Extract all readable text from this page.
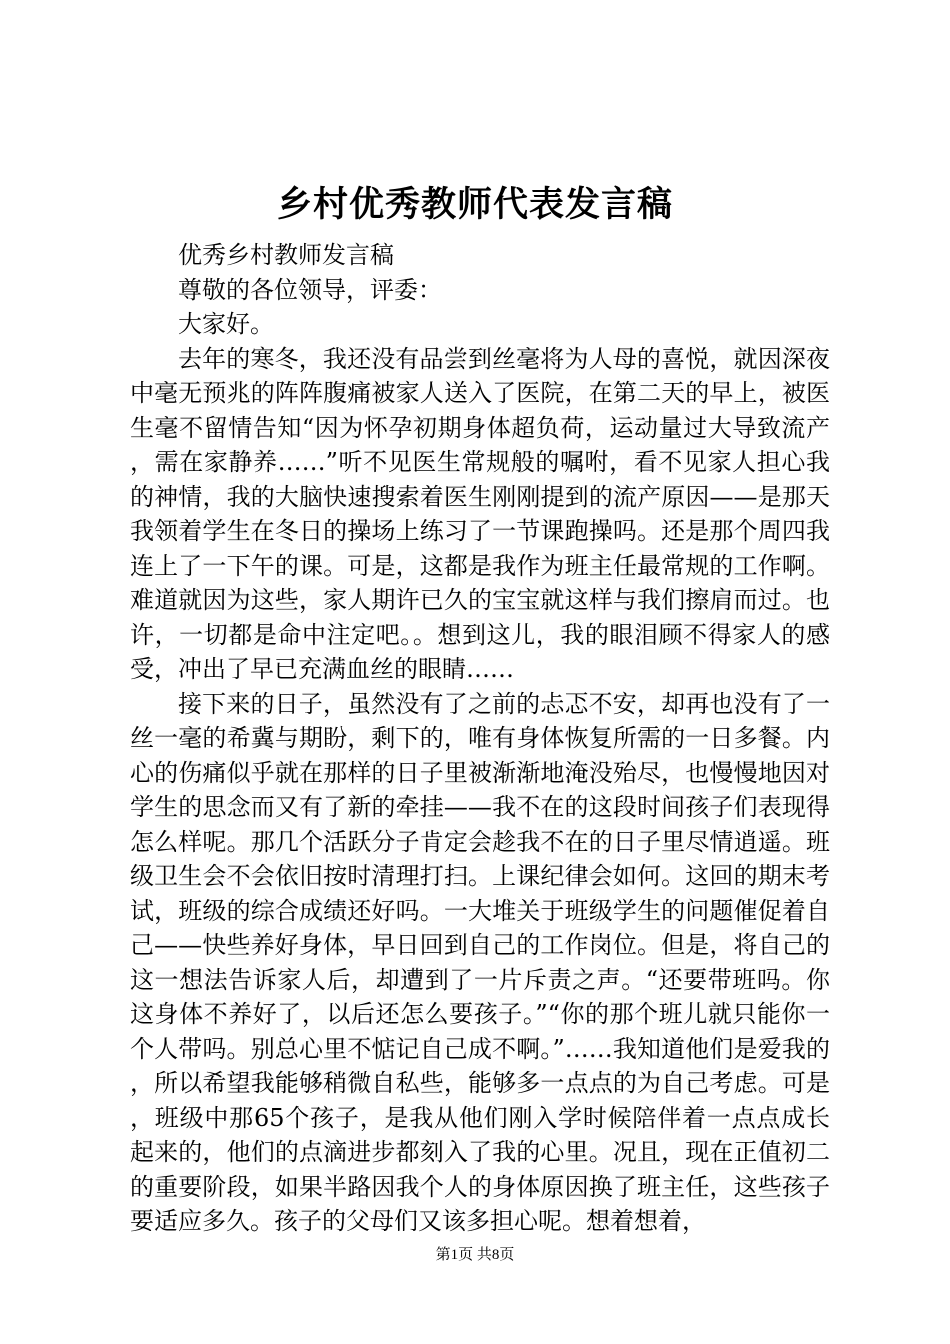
乡村优秀教师代表发言稿

优秀乡村教师发言稿

尊敬的各位领导，评委：

大家好。

去年的寒冬，我还没有品尝到丝毫将为人母的喜悦，就因深夜中毫无预兆的阵阵腹痛被家人送入了医院，在第二天的早上，被医生毫不留情告知“因为怀孕初期身体超负荷，运动量过大导致流产，需在家静养……”听不见医生常规般的嘱咐，看不见家人担心我的神情，我的大脑快速搜索着医生刚刚提到的流产原因——是那天我领着学生在冬日的操场上练习了一节课跑操吗。还是那个周四我连上了一下午的课。可是，这都是我作为班主任最常规的工作啊。难道就因为这些，家人期许已久的宝宝就这样与我们擦肩而过。也许，一切都是命中注定吧。。想到这儿，我的眼泪顾不得家人的感受，冲出了早已充满血丝的眼睛……

接下来的日子，虽然没有了之前的忐忑不安，却再也没有了一丝一毫的希冀与期盼，剩下的，唯有身体恢复所需的一日多餐。内心的伤痛似乎就在那样的日子里被渐渐地淹没殆尽，也慢慢地因对学生的思念而又有了新的牵挂——我不在的这段时间孩子们表现得怎么样呢。那几个活跃分子肯定会趁我不在的日子里尽情逍遥。班级卫生会不会依旧按时清理打扫。上课纪律会如何。这回的期末考试，班级的综合成绩还好吗。一大堆关于班级学生的问题催促着自己——快些养好身体，早日回到自己的工作岗位。但是，将自己的这一想法告诉家人后，却遭到了一片斥责之声。“还要带班吗。你这身体不养好了，以后还怎么要孩子。”“你的那个班儿就只能你一个人带吗。别总心里不惦记自己成不啊。”……我知道他们是爱我的，所以希望我能够稍微自私些，能够多一点点的为自己考虑。可是，班级中那65个孩子，是我从他们刚入学时候陪伴着一点点成长起来的，他们的点滴进步都刻入了我的心里。况且，现在正值初二的重要阶段，如果半路因我个人的身体原因换了班主任，这些孩子要适应多久。孩子的父母们又该多担心呢。想着想着，

第1页 共8页
